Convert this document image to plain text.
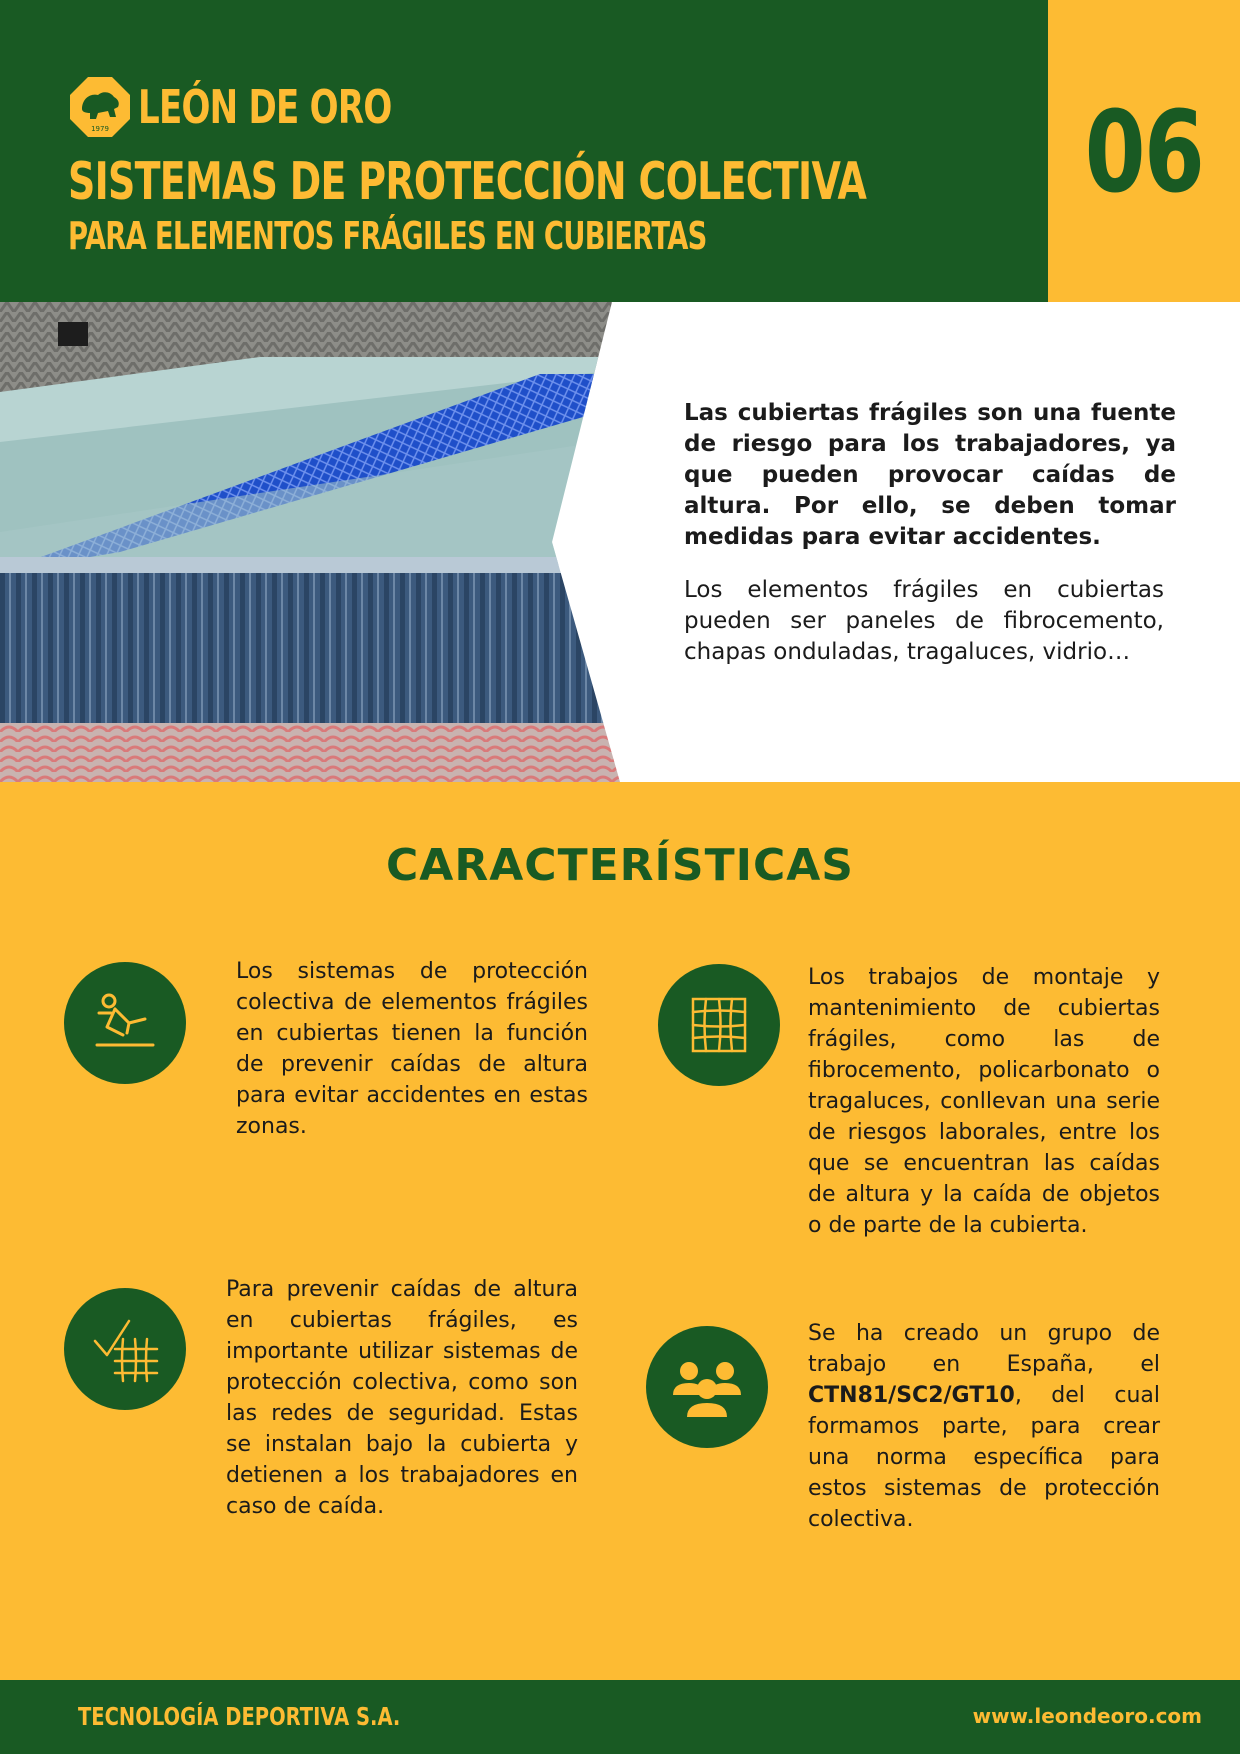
1979 LEÓN DE ORO
SISTEMAS DE PROTECCIÓN COLECTIVA
PARA ELEMENTOS FRÁGILES EN CUBIERTAS
06

Las cubiertas frágiles son una fuente de riesgo para los trabajadores, ya que pueden provocar caídas de altura. Por ello, se deben tomar medidas para evitar accidentes.

Los elementos frágiles en cubiertas pueden ser paneles de fibrocemento, chapas onduladas, tragaluces, vidrio…

CARACTERÍSTICAS
Los sistemas de protección colectiva de elementos frágiles en cubiertas tienen la función de prevenir caídas de altura para evitar accidentes en estas zonas.
Los trabajos de montaje y mantenimiento de cubiertas frágiles, como las de fibrocemento, policarbonato o tragaluces, conllevan una serie de riesgos laborales, entre los que se encuentran las caídas de altura y la caída de objetos o de parte de la cubierta.
Para prevenir caídas de altura en cubiertas frágiles, es importante utilizar sistemas de protección colectiva, como son las redes de seguridad. Estas se instalan bajo la cubierta y detienen a los trabajadores en caso de caída.
Se ha creado un grupo de trabajo en España, el CTN81/SC2/GT10, del cual formamos parte, para crear una norma específica para estos sistemas de protección colectiva.
TECNOLOGÍA DEPORTIVA S.A.	www.leondeoro.com
